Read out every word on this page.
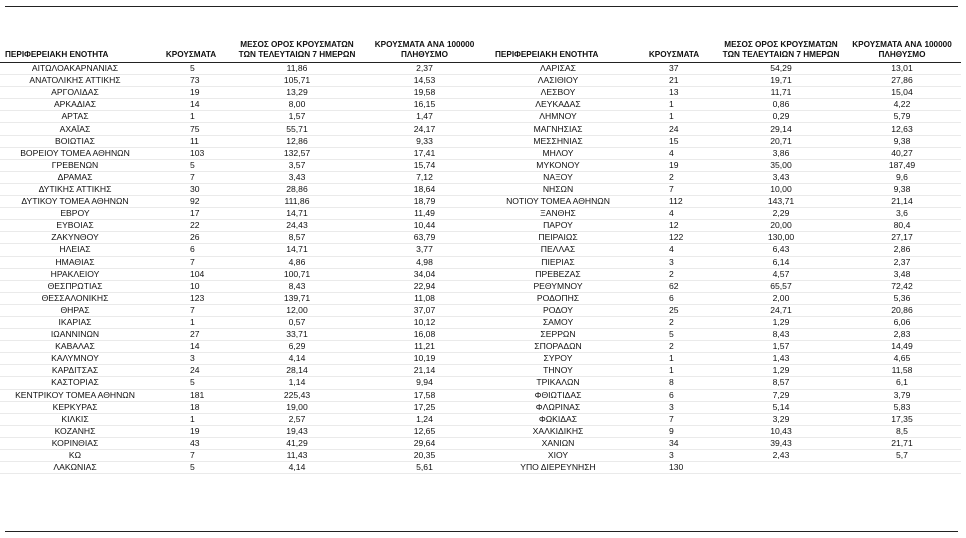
ΠΕΡΙΦΕΡΕΙΑΚΗ ΕΝΟΤΗΤΑ	ΚΡΟΥΣΜΑΤΑ	ΜΕΣΟΣ ΟΡΟΣ ΚΡΟΥΣΜΑΤΩΝ ΤΩΝ ΤΕΛΕΥΤΑΙΩΝ 7 ΗΜΕΡΩΝ	ΚΡΟΥΣΜΑΤΑ ΑΝΑ 100000 ΠΛΗΘΥΣΜΟ
ΑΙΤΩΛΟΑΚΑΡΝΑΝΙΑΣ	5	11,86	2,37
ΑΝΑΤΟΛΙΚΗΣ ΑΤΤΙΚΗΣ	73	105,71	14,53
ΑΡΓΟΛΙΔΑΣ	19	13,29	19,58
ΑΡΚΑΔΙΑΣ	14	8,00	16,15
ΑΡΤΑΣ	1	1,57	1,47
ΑΧΑΪΑΣ	75	55,71	24,17
ΒΟΙΩΤΙΑΣ	11	12,86	9,33
ΒΟΡΕΙΟΥ ΤΟΜΕΑ ΑΘΗΝΩΝ	103	132,57	17,41
ΓΡΕΒΕΝΩΝ	5	3,57	15,74
ΔΡΑΜΑΣ	7	3,43	7,12
ΔΥΤΙΚΗΣ ΑΤΤΙΚΗΣ	30	28,86	18,64
ΔΥΤΙΚΟΥ ΤΟΜΕΑ ΑΘΗΝΩΝ	92	111,86	18,79
ΕΒΡΟΥ	17	14,71	11,49
ΕΥΒΟΙΑΣ	22	24,43	10,44
ΖΑΚΥΝΘΟΥ	26	8,57	63,79
ΗΛΕΙΑΣ	6	14,71	3,77
ΗΜΑΘΙΑΣ	7	4,86	4,98
ΗΡΑΚΛΕΙΟΥ	104	100,71	34,04
ΘΕΣΠΡΩΤΙΑΣ	10	8,43	22,94
ΘΕΣΣΑΛΟΝΙΚΗΣ	123	139,71	11,08
ΘΗΡΑΣ	7	12,00	37,07
ΙΚΑΡΙΑΣ	1	0,57	10,12
ΙΩΑΝΝΙΝΩΝ	27	33,71	16,08
ΚΑΒΑΛΑΣ	14	6,29	11,21
ΚΑΛΥΜΝΟΥ	3	4,14	10,19
ΚΑΡΔΙΤΣΑΣ	24	28,14	21,14
ΚΑΣΤΟΡΙΑΣ	5	1,14	9,94
ΚΕΝΤΡΙΚΟΥ ΤΟΜΕΑ ΑΘΗΝΩΝ	181	225,43	17,58
ΚΕΡΚΥΡΑΣ	18	19,00	17,25
ΚΙΛΚΙΣ	1	2,57	1,24
ΚΟΖΑΝΗΣ	19	19,43	12,65
ΚΟΡΙΝΘΙΑΣ	43	41,29	29,64
ΚΩ	7	11,43	20,35
ΛΑΚΩΝΙΑΣ	5	4,14	5,61
ΠΕΡΙΦΕΡΕΙΑΚΗ ΕΝΟΤΗΤΑ	ΚΡΟΥΣΜΑΤΑ	ΜΕΣΟΣ ΟΡΟΣ ΚΡΟΥΣΜΑΤΩΝ ΤΩΝ ΤΕΛΕΥΤΑΙΩΝ 7 ΗΜΕΡΩΝ	ΚΡΟΥΣΜΑΤΑ ΑΝΑ 100000 ΠΛΗΘΥΣΜΟ
ΛΑΡΙΣΑΣ	37	54,29	13,01
ΛΑΣΙΘΙΟΥ	21	19,71	27,86
ΛΕΣΒΟΥ	13	11,71	15,04
ΛΕΥΚΑΔΑΣ	1	0,86	4,22
ΛΗΜΝΟΥ	1	0,29	5,79
ΜΑΓΝΗΣΙΑΣ	24	29,14	12,63
ΜΕΣΣΗΝΙΑΣ	15	20,71	9,38
ΜΗΛΟΥ	4	3,86	40,27
ΜΥΚΟΝΟΥ	19	35,00	187,49
ΝΑΞΟΥ	2	3,43	9,6
ΝΗΣΩΝ	7	10,00	9,38
ΝΟΤΙΟΥ ΤΟΜΕΑ ΑΘΗΝΩΝ	112	143,71	21,14
ΞΑΝΘΗΣ	4	2,29	3,6
ΠΑΡΟΥ	12	20,00	80,4
ΠΕΙΡΑΙΩΣ	122	130,00	27,17
ΠΕΛΛΑΣ	4	6,43	2,86
ΠΙΕΡΙΑΣ	3	6,14	2,37
ΠΡΕΒΕΖΑΣ	2	4,57	3,48
ΡΕΘΥΜΝΟΥ	62	65,57	72,42
ΡΟΔΟΠΗΣ	6	2,00	5,36
ΡΟΔΟΥ	25	24,71	20,86
ΣΑΜΟΥ	2	1,29	6,06
ΣΕΡΡΩΝ	5	8,43	2,83
ΣΠΟΡΑΔΩΝ	2	1,57	14,49
ΣΥΡΟΥ	1	1,43	4,65
ΤΗΝΟΥ	1	1,29	11,58
ΤΡΙΚΑΛΩΝ	8	8,57	6,1
ΦΘΙΩΤΙΔΑΣ	6	7,29	3,79
ΦΛΩΡΙΝΑΣ	3	5,14	5,83
ΦΩΚΙΔΑΣ	7	3,29	17,35
ΧΑΛΚΙΔΙΚΗΣ	9	10,43	8,5
ΧΑΝΙΩΝ	34	39,43	21,71
ΧΙΟΥ	3	2,43	5,7
ΥΠΟ ΔΙΕΡΕΥΝΗΣΗ	130		
